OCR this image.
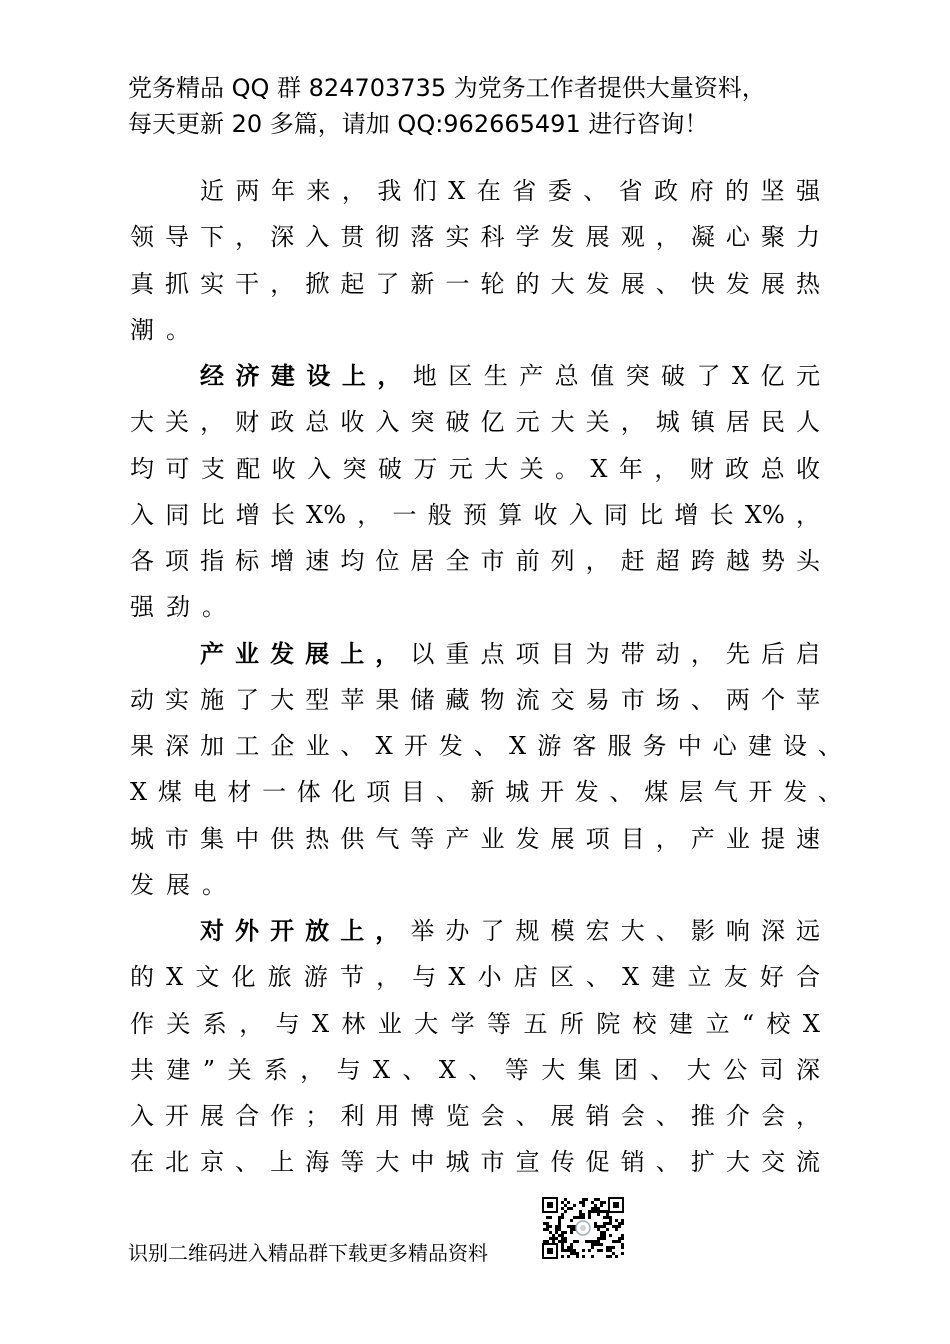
党务精品 QQ 群 824703735 为党务工作者提供大量资料，
每天更新 20 多篇，请加 QQ:962665491 进行咨询！
近两年来，我们X在省委、省政府的坚强
领导下，深入贯彻落实科学发展观，凝心聚力
真抓实干，掀起了新一轮的大发展、快发展热
潮。
经济建设上，地区生产总值突破了X亿元
大关，财政总收入突破亿元大关，城镇居民人
均可支配收入突破万元大关。X年，财政总收
入同比增长X%，一般预算收入同比增长X%，
各项指标增速均位居全市前列，赶超跨越势头
强劲。
产业发展上，以重点项目为带动，先后启
动实施了大型苹果储藏物流交易市场、两个苹
果深加工企业、X开发、X游客服务中心建设、
X煤电材一体化项目、新城开发、煤层气开发、
城市集中供热供气等产业发展项目，产业提速
发展。
对外开放上，举办了规模宏大、影响深远
的X文化旅游节，与X小店区、X建立友好合
作关系，与X林业大学等五所院校建立“校X
共建”关系，与X、X、等大集团、大公司深
入开展合作；利用博览会、展销会、推介会，
在北京、上海等大中城市宣传促销、扩大交流
识别二维码进入精品群下载更多精品资料
